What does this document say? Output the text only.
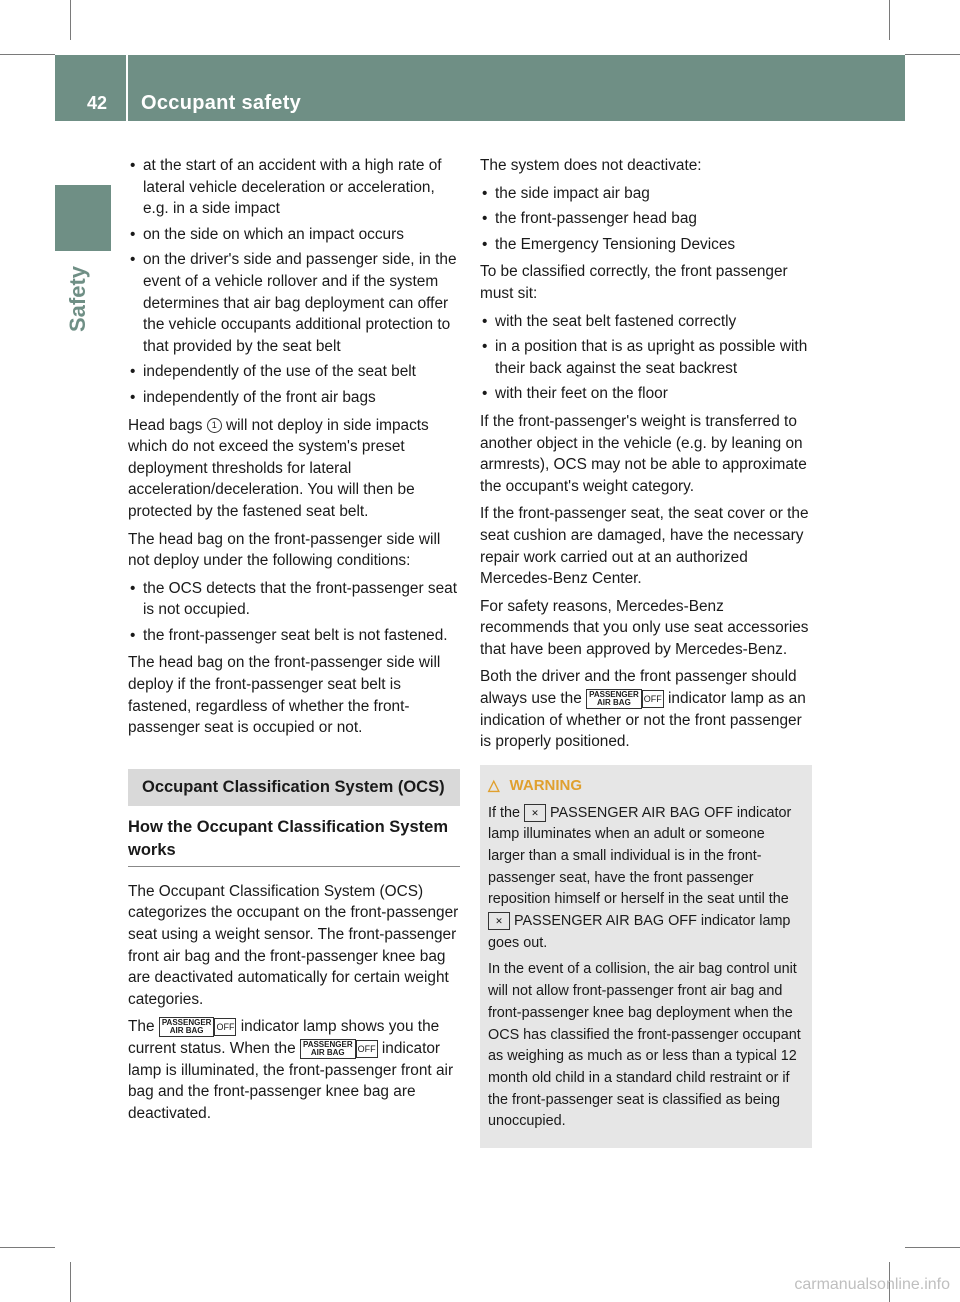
42 Occupant safety
Safety
• at the start of an accident with a high rate of lateral vehicle deceleration or acceleration, e.g. in a side impact
• on the side on which an impact occurs
• on the driver's side and passenger side, in the event of a vehicle rollover and if the system determines that air bag deployment can offer the vehicle occupants additional protection to that provided by the seat belt
• independently of the use of the seat belt
• independently of the front air bags

Head bags 1 will not deploy in side impacts which do not exceed the system's preset deployment thresholds for lateral acceleration/deceleration. You will then be protected by the fastened seat belt.

The head bag on the front-passenger side will not deploy under the following conditions:

• the OCS detects that the front-passenger seat is not occupied.
• the front-passenger seat belt is not fastened.

The head bag on the front-passenger side will deploy if the front-passenger seat belt is fastened, regardless of whether the front-passenger seat is occupied or not.

Occupant Classification System (OCS)
How the Occupant Classification System works

The Occupant Classification System (OCS) categorizes the occupant on the front-passenger seat using a weight sensor. The front-passenger front air bag and the front-passenger knee bag are deactivated automatically for certain weight categories.

The PASSENGER
AIR BAG OFF indicator lamp shows you the current status. When the PASSENGER
AIR BAG OFF indicator lamp is illuminated, the front-passenger front air bag and the front-passenger knee bag are deactivated.

The system does not deactivate:

• the side impact air bag
• the front-passenger head bag
• the Emergency Tensioning Devices

To be classified correctly, the front passenger must sit:

• with the seat belt fastened correctly
• in a position that is as upright as possible with their back against the seat backrest
• with their feet on the floor

If the front-passenger's weight is transferred to another object in the vehicle (e.g. by leaning on armrests), OCS may not be able to approximate the occupant's weight category.

If the front-passenger seat, the seat cover or the seat cushion are damaged, have the necessary repair work carried out at an authorized Mercedes-Benz Center.

For safety reasons, Mercedes-Benz recommends that you only use seat accessories that have been approved by Mercedes-Benz.

Both the driver and the front passenger should always use the PASSENGER
AIR BAG OFF indicator lamp as an indication of whether or not the front passenger is properly positioned.

△ WARNING

If the ✕ PASSENGER AIR BAG OFF indicator lamp illuminates when an adult or someone larger than a small individual is in the front-passenger seat, have the front passenger reposition himself or herself in the seat until the ✕ PASSENGER AIR BAG OFF indicator lamp goes out.

In the event of a collision, the air bag control unit will not allow front-passenger front air bag and front-passenger knee bag deployment when the OCS has classified the front-passenger occupant as weighing as much as or less than a typical 12 month old child in a standard child restraint or if the front-passenger seat is classified as being unoccupied.

carmanualsonline.info
